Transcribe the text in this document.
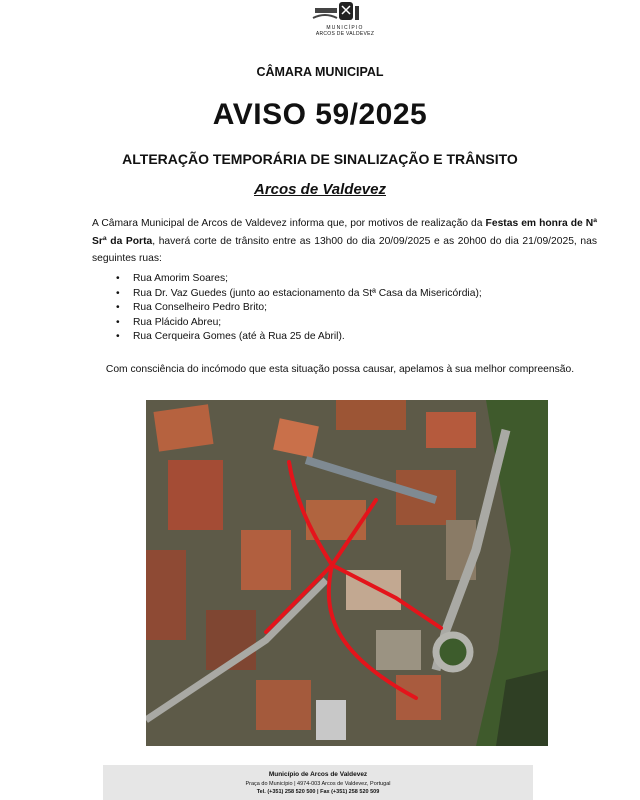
MUNICÍPIO
ARCOS DE VALDEVEZ
CÂMARA MUNICIPAL
AVISO 59/2025
ALTERAÇÃO TEMPORÁRIA DE SINALIZAÇÃO E TRÂNSITO
Arcos de Valdevez
A Câmara Municipal de Arcos de Valdevez informa que, por motivos de realização da Festas em honra de Nª Srª da Porta, haverá corte de trânsito entre as 13h00 do dia 20/09/2025 e as 20h00 do dia 21/09/2025, nas seguintes ruas:
• Rua Amorim Soares;
• Rua Dr. Vaz Guedes (junto ao estacionamento da Stª Casa da Misericórdia);
• Rua Conselheiro Pedro Brito;
• Rua Plácido Abreu;
• Rua Cerqueira Gomes (até à Rua 25 de Abril).
Com consciência do incómodo que esta situação possa causar, apelamos à sua melhor compreensão.
Município de Arcos de Valdevez
Praça do Município | 4974-003 Arcos de Valdevez, Portugal
Tel. (+351) 258 520 500 | Fax (+351) 258 520 509
